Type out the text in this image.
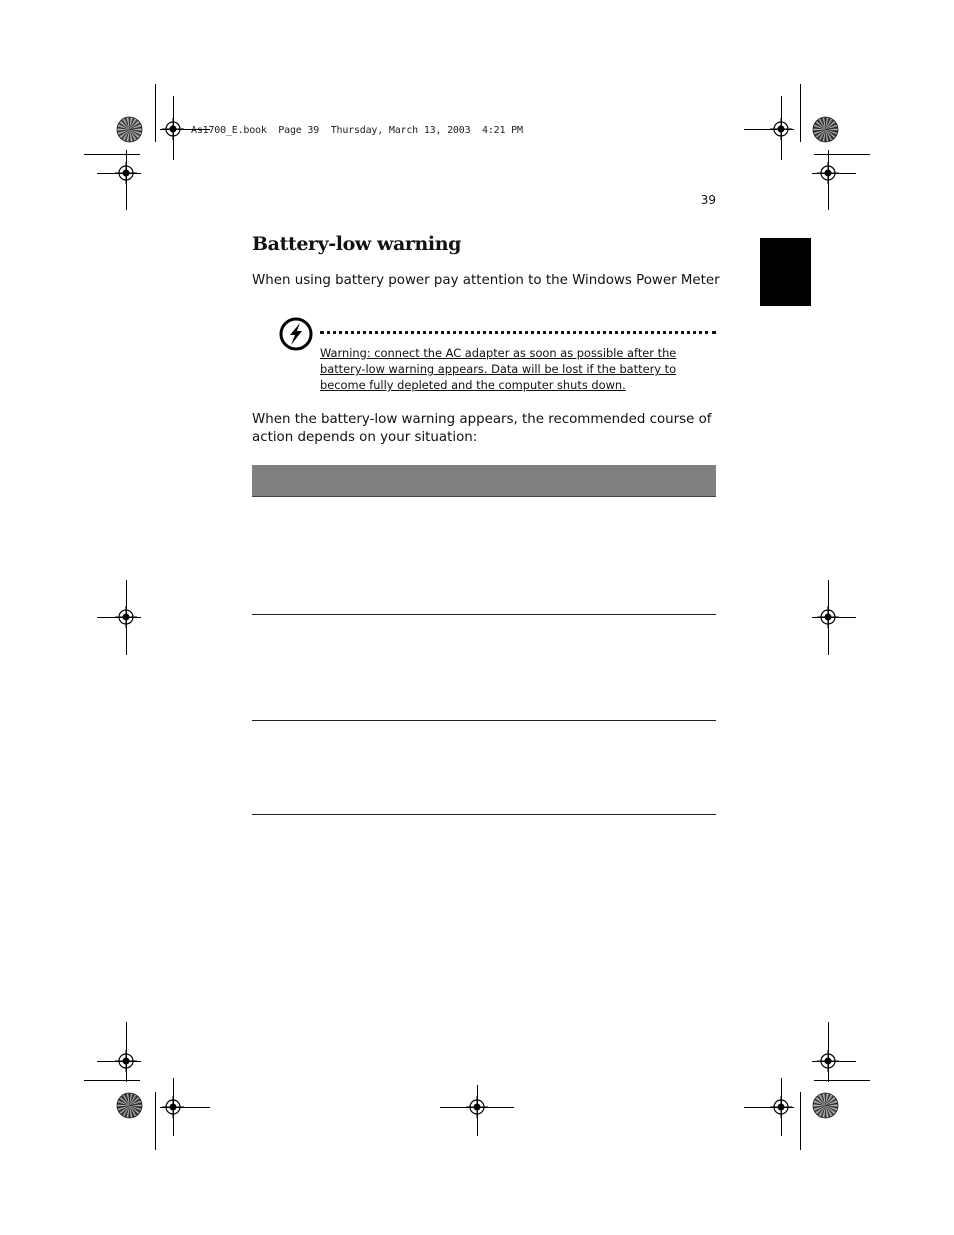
As1700_E.book  Page 39  Thursday, March 13, 2003  4:21 PM
39
Battery-low warning
When using battery power pay attention to the Windows Power Meter
Warning: connect the AC adapter as soon as possible after the battery-low warning appears. Data will be lost if the battery to become fully depleted and the computer shuts down.
When the battery-low warning appears, the recommended course of action depends on your situation:
